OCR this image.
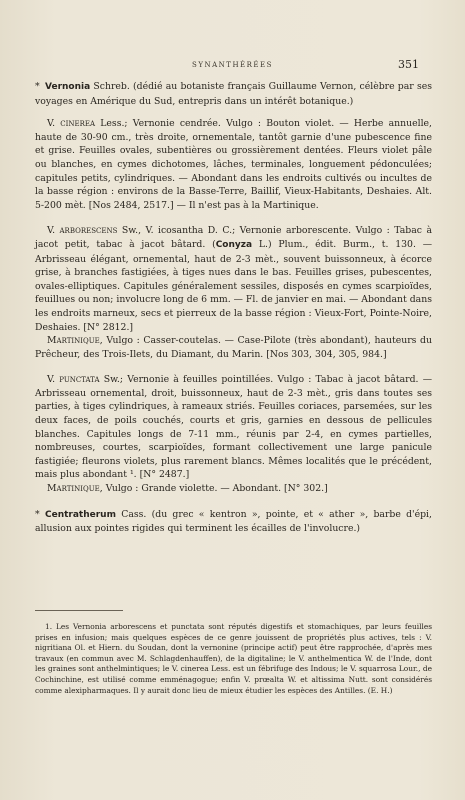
SYNANTHÉRÉES	351

* Vernonia Schreb. (dédié au botaniste français Guillaume Vernon, célèbre par ses voyages en Amérique du Sud, entrepris dans un intérêt botanique.)

V. cinerea Less.; Vernonie cendrée. Vulgo : Bouton violet. — Herbe annuelle, haute de 30-90 cm., très droite, ornementale, tantôt garnie d'une pubescence fine et grise. Feuilles ovales, subentières ou grossièrement dentées. Fleurs violet pâle ou blanches, en cymes dichotomes, lâches, terminales, longuement pédonculées; capitules petits, cylindriques. — Abondant dans les endroits cultivés ou incultes de la basse région : environs de la Basse-Terre, Baillif, Vieux-Habitants, Deshaies. Alt. 5-200 mèt. [Nos 2484, 2517.] — Il n'est pas à la Martinique.

V. arborescens Sw., V. icosantha D. C.; Vernonie arborescente. Vulgo : Tabac à jacot petit, tabac à jacot bâtard. (Conyza L.) Plum., édit. Burm., t. 130. — Arbrisseau élégant, ornemental, haut de 2-3 mèt., souvent buissonneux, à écorce grise, à branches fastigiées, à tiges nues dans le bas. Feuilles grises, pubescentes, ovales-elliptiques. Capitules généralement sessiles, disposés en cymes scarpioïdes, feuillues ou non; involucre long de 6 mm. — Fl. de janvier en mai. — Abondant dans les endroits marneux, secs et pierreux de la basse région : Vieux-Fort, Pointe-Noire, Deshaies. [N° 2812.]

Martinique, Vulgo : Casser-coutelas. — Case-Pilote (très abondant), hauteurs du Prêcheur, des Trois-Ilets, du Diamant, du Marin. [Nos 303, 304, 305, 984.]

V. punctata Sw.; Vernonie à feuilles pointillées. Vulgo : Tabac à jacot bâtard. — Arbrisseau ornemental, droit, buissonneux, haut de 2-3 mèt., gris dans toutes ses parties, à tiges cylindriques, à rameaux striés. Feuilles coriaces, parsemées, sur les deux faces, de poils couchés, courts et gris, garnies en dessous de pellicules blanches. Capitules longs de 7-11 mm., réunis par 2-4, en cymes partielles, nombreuses, courtes, scarpioïdes, formant collectivement une large panicule fastigiée; fleurons violets, plus rarement blancs. Mêmes localités que le précédent, mais plus abondant ¹. [N° 2487.]

Martinique, Vulgo : Grande violette. — Abondant. [N° 302.]

* Centratherum Cass. (du grec « kentron », pointe, et « ather », barbe d'épi, allusion aux pointes rigides qui terminent les écailles de l'involucre.)

1. Les Vernonia arborescens et punctata sont réputés digestifs et stomachiques, par leurs feuilles prises en infusion; mais quelques espèces de ce genre jouissent de propriétés plus actives, tels : V. nigritiana Ol. et Hiern. du Soudan, dont la vernonine (principe actif) peut être rapprochée, d'après mes travaux (en commun avec M. Schlagdenhauffen), de la digitaline; le V. anthelmentica W. de l'Inde, dont les graines sont anthelmintiques; le V. cinerea Less. est un fébrifuge des Indous; le V. squarrosa Lour., de Cochinchine, est utilisé comme emménagogue; enfin V. prœalta W. et altissima Nutt. sont considérés comme alexipharmaques. Il y aurait donc lieu de mieux étudier les espèces des Antilles. (E. H.)
